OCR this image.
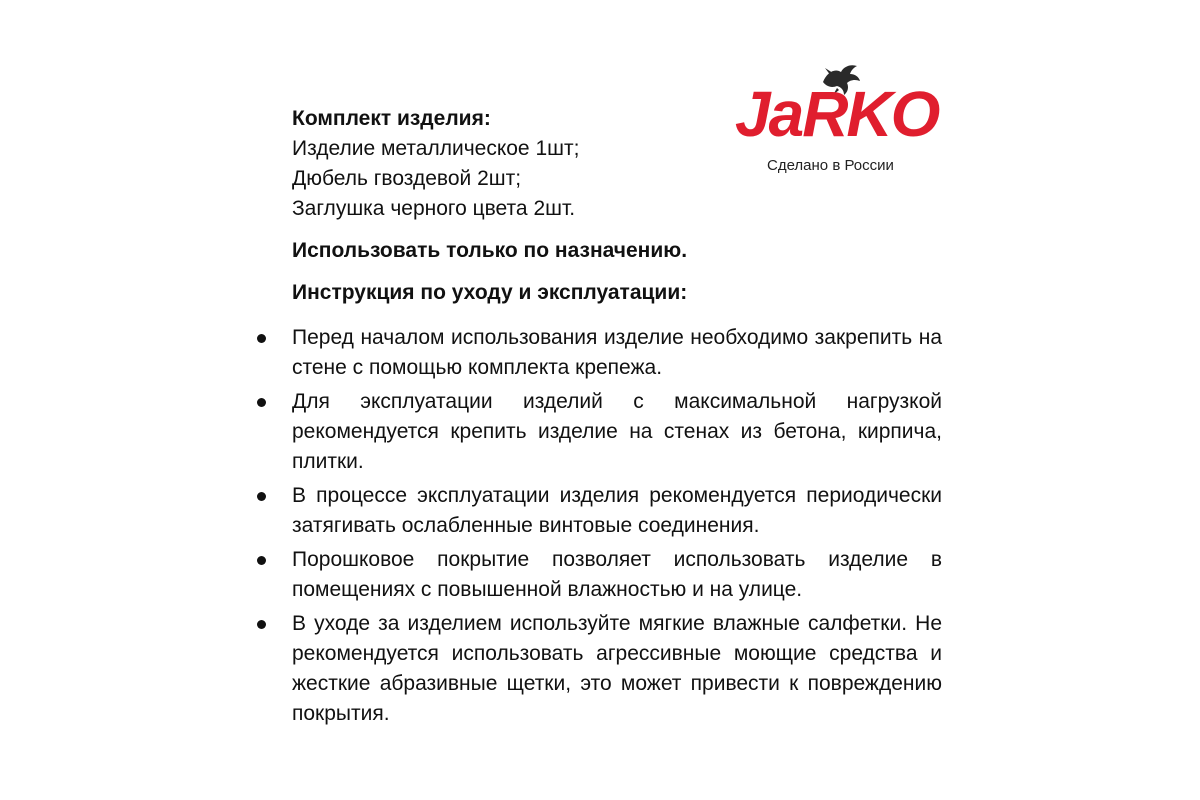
JaRKO
Сделано в России

Комплект изделия:

Изделие металлическое 1шт;

Дюбель гвоздевой 2шт;

Заглушка черного цвета 2шт.

Использовать только по назначению.

Инструкция по уходу и эксплуатации:

Перед началом использования изделие необходимо закрепить на стене с помощью комплекта крепежа.
Для эксплуатации изделий с максимальной нагрузкой рекомендуется крепить изделие на стенах из бетона, кирпича, плитки.
В процессе эксплуатации изделия рекомендуется периодически затягивать ослабленные винтовые соединения.
Порошковое покрытие позволяет использовать изделие в помещениях с повышенной влажностью и на улице.
В уходе за изделием используйте мягкие влажные салфетки. Не рекомендуется использовать агрессивные моющие средства и жесткие абразивные щетки, это может привести к повреждению покрытия.
